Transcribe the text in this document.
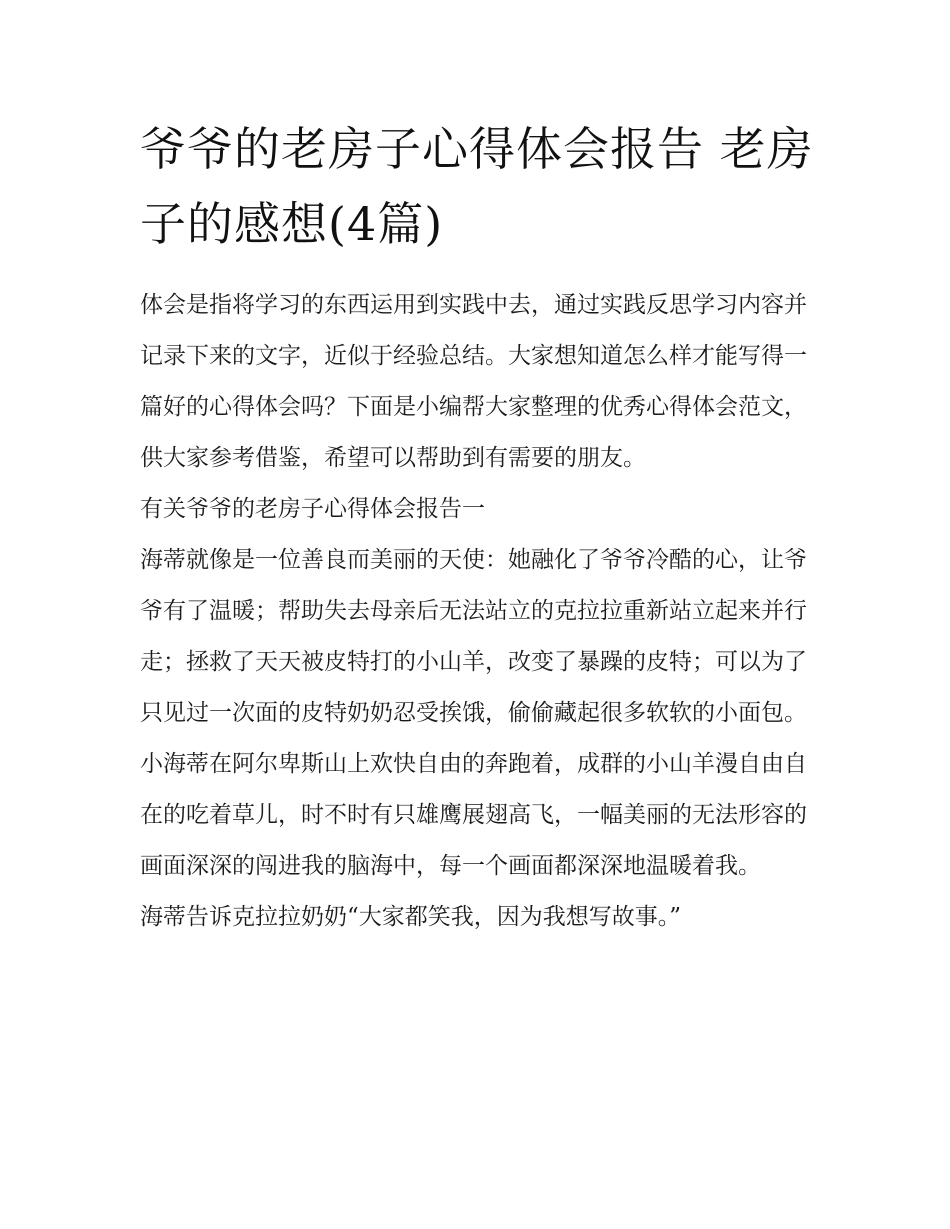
爷爷的老房子心得体会报告 老房子的感想(4篇)

体会是指将学习的东西运用到实践中去，通过实践反思学习内容并记录下来的文字，近似于经验总结。大家想知道怎么样才能写得一篇好的心得体会吗？下面是小编帮大家整理的优秀心得体会范文，供大家参考借鉴，希望可以帮助到有需要的朋友。

有关爷爷的老房子心得体会报告一

海蒂就像是一位善良而美丽的天使：她融化了爷爷冷酷的心，让爷爷有了温暖；帮助失去母亲后无法站立的克拉拉重新站立起来并行走；拯救了天天被皮特打的小山羊，改变了暴躁的皮特；可以为了只见过一次面的皮特奶奶忍受挨饿，偷偷藏起很多软软的小面包。

小海蒂在阿尔卑斯山上欢快自由的奔跑着，成群的小山羊漫自由自在的吃着草儿，时不时有只雄鹰展翅高飞，一幅美丽的无法形容的画面深深的闯进我的脑海中，每一个画面都深深地温暖着我。

海蒂告诉克拉拉奶奶“大家都笑我，因为我想写故事。”
